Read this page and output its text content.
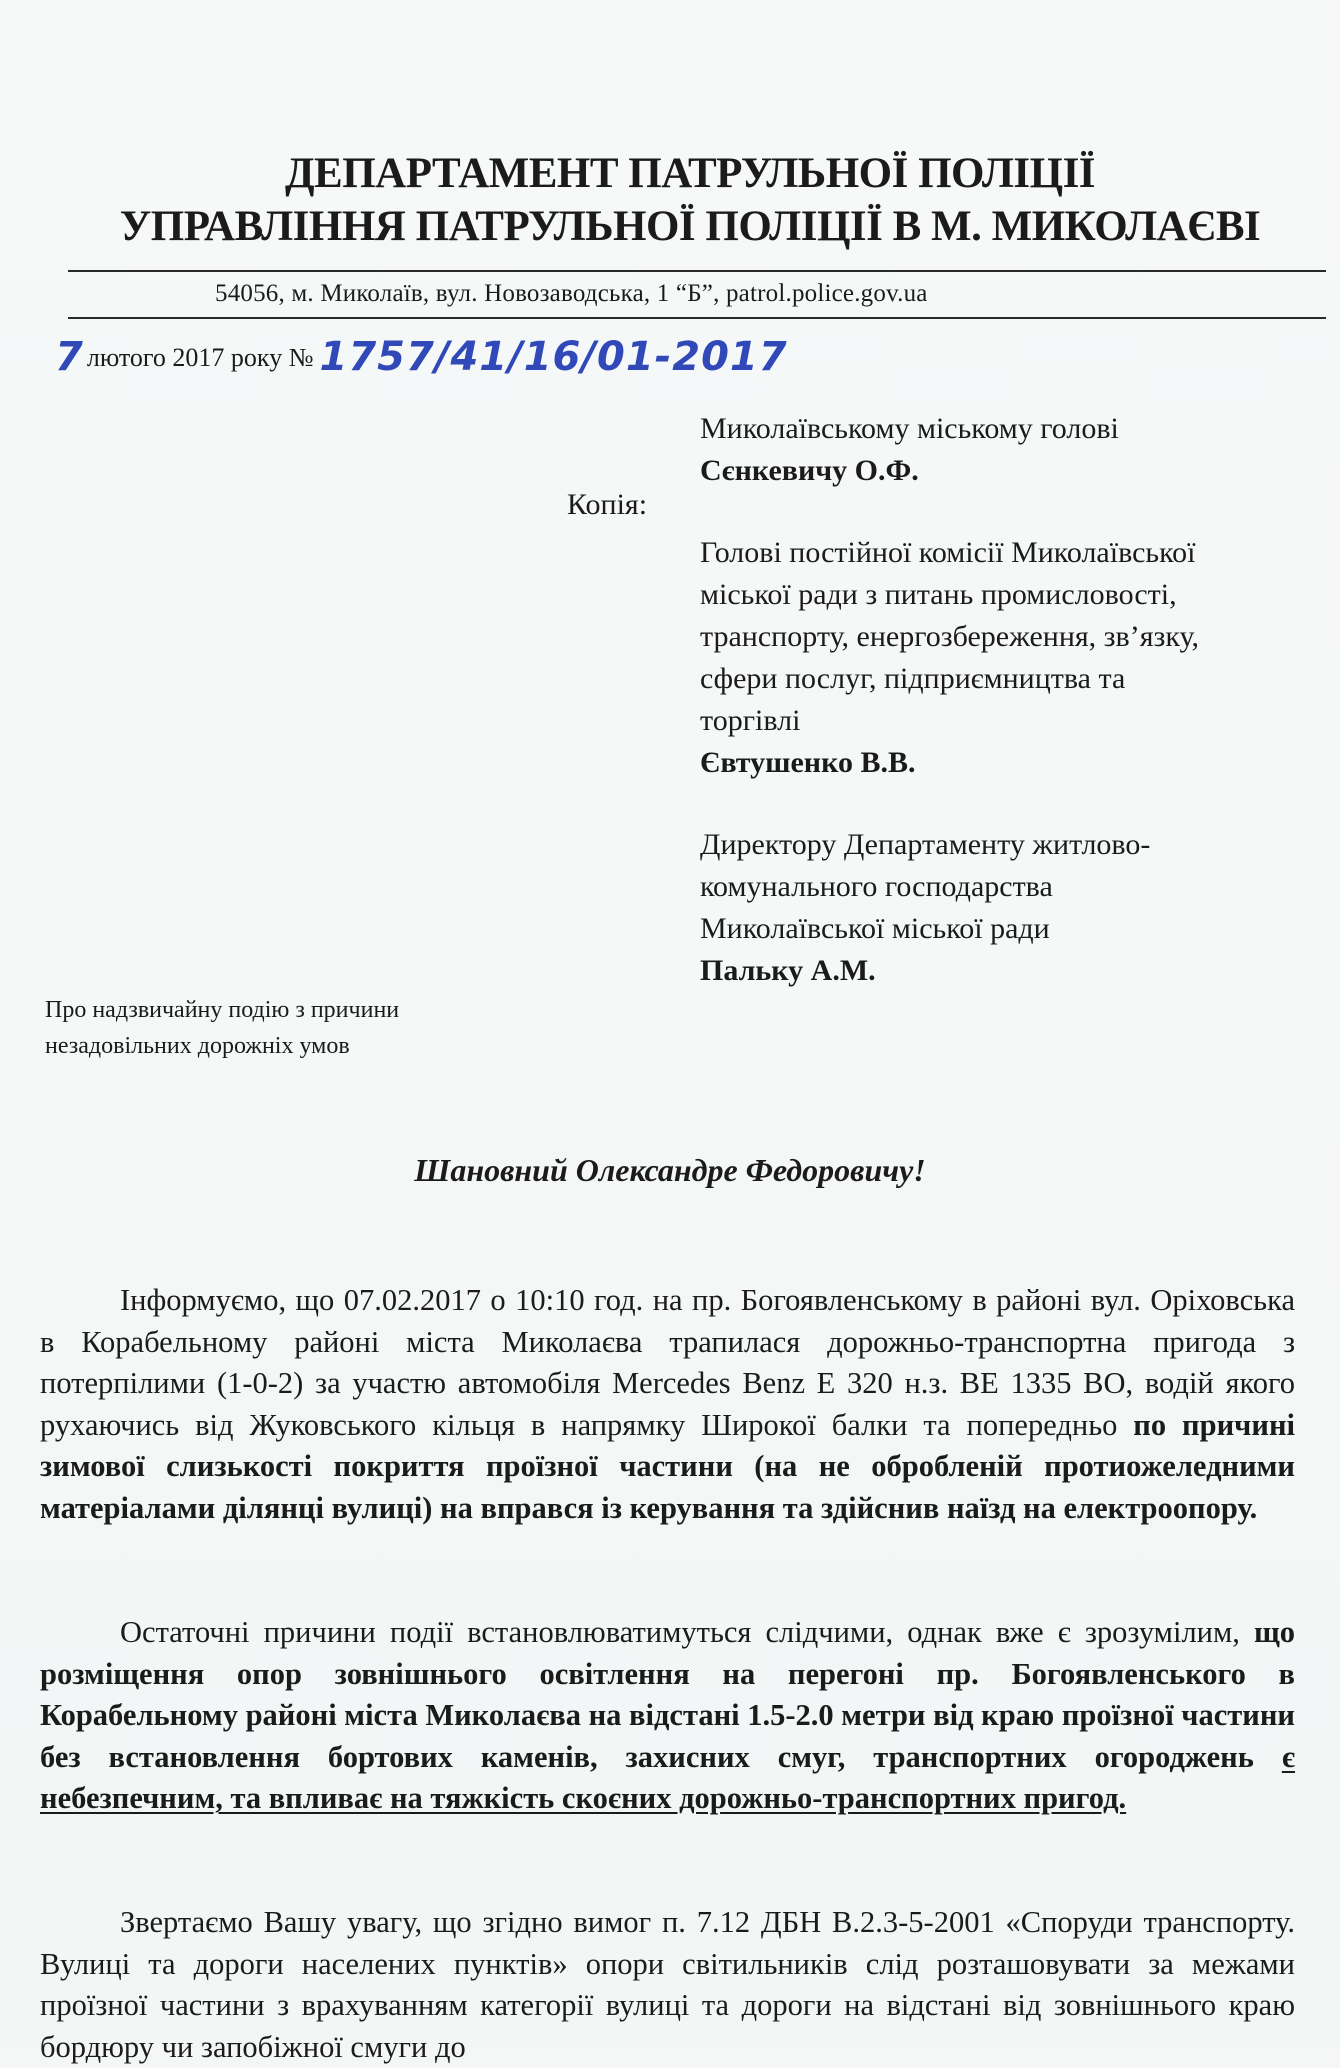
ДЕПАРТАМЕНТ ПАТРУЛЬНОЇ ПОЛІЦІЇ
УПРАВЛІННЯ ПАТРУЛЬНОЇ ПОЛІЦІЇ В М. МИКОЛАЄВІ
54056, м. Миколаїв, вул. Новозаводська, 1 “Б”, patrol.police.gov.ua
7 лютого 2017 року № 1757/41/16/01-2017
Копія:

Миколаївському міському голові

Сєнкевичу О.Ф.

Голові постійної комісії Миколаївської

міської ради з питань промисловості,

транспорту, енергозбереження, зв’язку,

сфери послуг, підприємництва та

торгівлі

Євтушенко В.В.

Директору Департаменту житлово-

комунального господарства

Миколаївської міської ради

Пальку А.М.

Про надзвичайну подію з причини
незадовільних дорожніх умов
Шановний Олександре Федоровичу!

Інформуємо, що 07.02.2017 о 10:10 год. на пр. Богоявленському в районі вул. Оріховська в Корабельному районі міста Миколаєва трапилася дорожньо-транспортна пригода з потерпілими (1-0-2) за участю автомобіля Mercedes Benz E 320 н.з. ВЕ 1335 ВО, водій якого рухаючись від Жуковського кільця в напрямку Широкої балки та попередньо по причині зимової слизькості покриття проїзної частини (на не обробленій протиожеледними матеріалами ділянці вулиці) на вправся із керування та здійснив наїзд на електроопору.

Остаточні причини події встановлюватимуться слідчими, однак вже є зрозумілим, що розміщення опор зовнішнього освітлення на перегоні пр. Богоявленського в Корабельному районі міста Миколаєва на відстані 1.5-2.0 метри від краю проїзної частини без встановлення бортових каменів, захисних смуг, транспортних огороджень є небезпечним, та впливає на тяжкість скоєних дорожньо-транспортних пригод.

Звертаємо Вашу увагу, що згідно вимог п. 7.12 ДБН В.2.3-5-2001 «Споруди транспорту. Вулиці та дороги населених пунктів» опори світильників слід розташовувати за межами проїзної частини з врахуванням категорії вулиці та дороги на відстані від зовнішнього краю бордюру чи запобіжної смуги до
